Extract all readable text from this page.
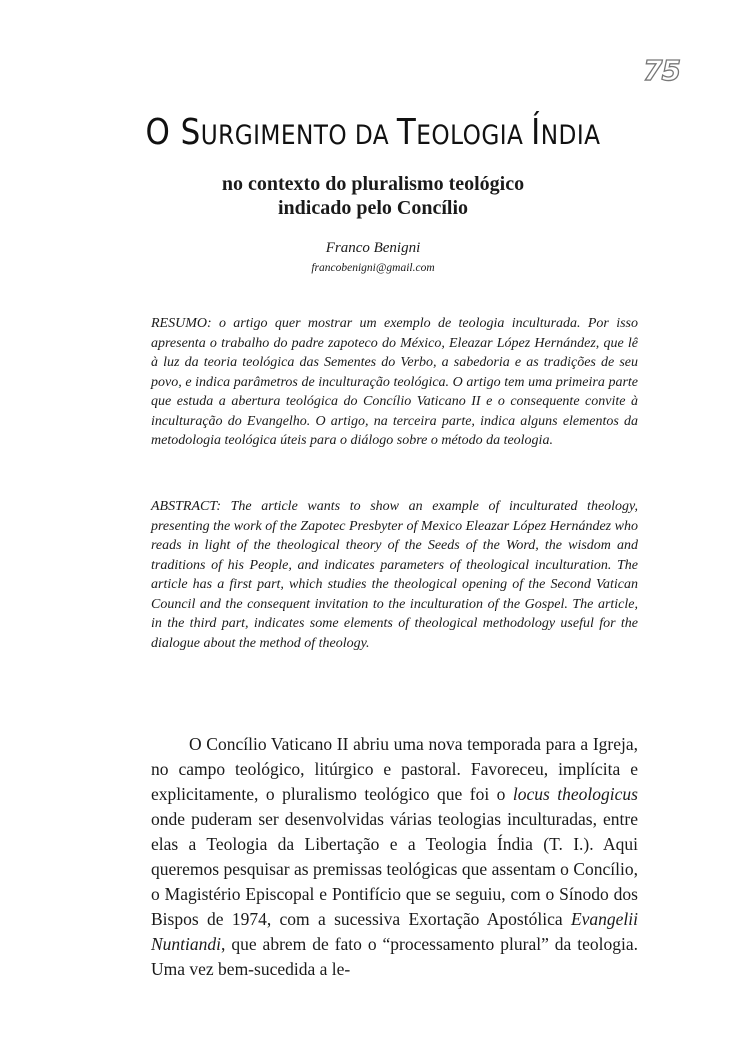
75
O SURGIMENTO DA TEOLOGIA ÍNDIA
no contexto do pluralismo teológico
indicado pelo Concílio
Franco Benigni
francobenigni@gmail.com
RESUMO: o artigo quer mostrar um exemplo de teologia inculturada. Por isso apresenta o trabalho do padre zapoteco do México, Eleazar López Hernández, que lê à luz da teoria teológica das Sementes do Verbo, a sabedoria e as tradições de seu povo, e indica parâmetros de inculturação teológica. O artigo tem uma primeira parte que estuda a abertura teológica do Concílio Vaticano II e o consequente convite à inculturação do Evangelho. O artigo, na terceira parte, indica alguns elementos da metodologia teológica úteis para o diálogo sobre o método da teologia.
ABSTRACT: The article wants to show an example of inculturated theology, presenting the work of the Zapotec Presbyter of Mexico Eleazar López Hernández who reads in light of the theological theory of the Seeds of the Word, the wisdom and traditions of his People, and indicates parameters of theological inculturation. The article has a first part, which studies the theological opening of the Second Vatican Council and the consequent invitation to the inculturation of the Gospel. The article, in the third part, indicates some elements of theological methodology useful for the dialogue about the method of theology.

O Concílio Vaticano II abriu uma nova temporada para a Igreja, no campo teológico, litúrgico e pastoral. Favoreceu, implícita e explicitamente, o pluralismo teológico que foi o locus theologicus onde puderam ser desenvolvidas várias teologias inculturadas, entre elas a Teologia da Libertação e a Teologia Índia (T. I.). Aqui queremos pesquisar as premissas teológicas que assentam o Concílio, o Magistério Episcopal e Pontifício que se seguiu, com o Sínodo dos Bispos de 1974, com a sucessiva Exortação Apostólica Evangelii Nuntiandi, que abrem de fato o “processamento plural” da teologia. Uma vez bem-sucedida a le-
